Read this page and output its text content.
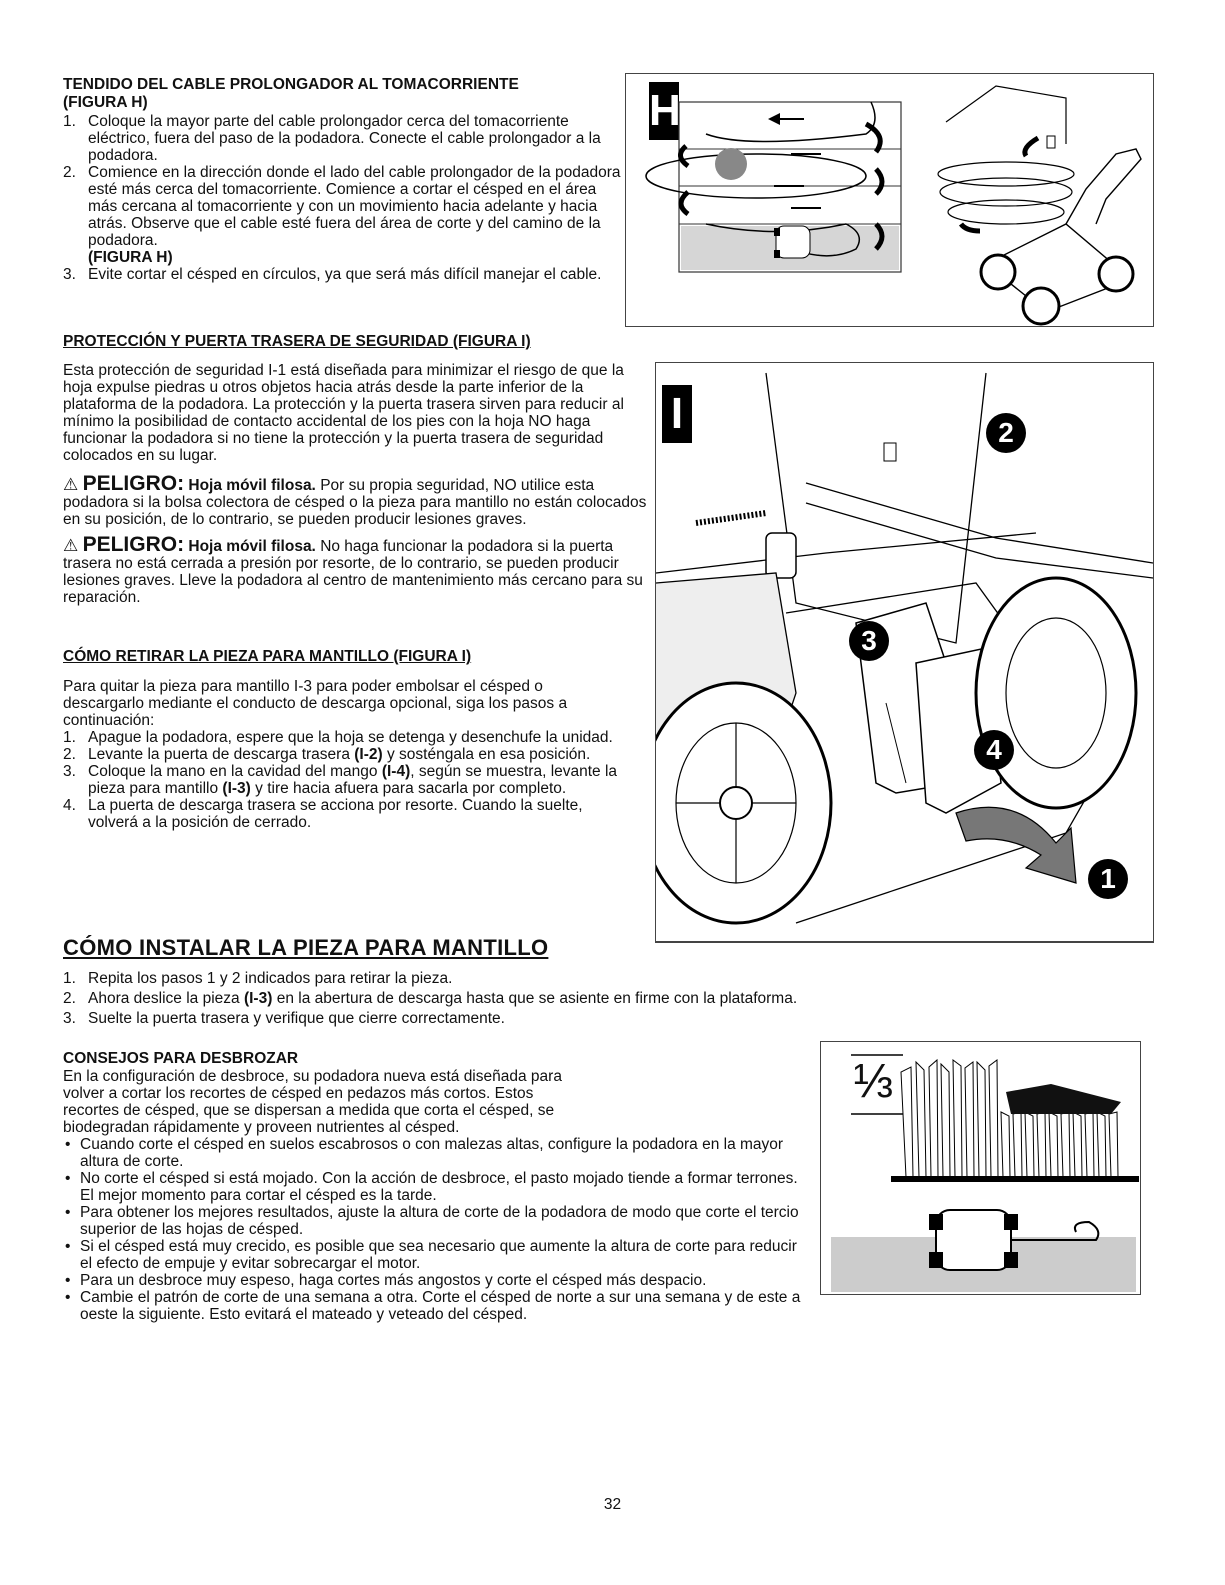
TENDIDO DEL CABLE PROLONGADOR AL TOMACORRIENTE
(FIGURA H)
1. Coloque la mayor parte del cable prolongador cerca del tomacorriente eléctrico, fuera del paso de la podadora. Conecte el cable prolongador a la podadora.
2. Comience en la dirección donde el lado del cable prolongador de la podadora esté más cerca del tomacorriente. Comience a cortar el césped en el área más cercana al tomacorriente y con un movimiento hacia adelante y hacia atrás. Observe que el cable esté fuera del área de corte y del camino de la podadora.
(FIGURA H)
3. Evite cortar el césped en círculos, ya que será más difícil manejar el cable.
H
PROTECCIÓN Y PUERTA TRASERA DE SEGURIDAD (FIGURA I)

Esta protección de seguridad I-1 está diseñada para minimizar el riesgo de que la hoja expulse piedras u otros objetos hacia atrás desde la parte inferior de la plataforma de la podadora. La protección y la puerta trasera sirven para reducir al mínimo la posibilidad de contacto accidental de los pies con la hoja NO haga funcionar la podadora si no tiene la protección y la puerta trasera de seguridad colocados en su lugar.

⚠ PELIGRO: Hoja móvil filosa. Por su propia seguridad, NO utilice esta podadora si la bolsa colectora de césped o la pieza para mantillo no están colocados en su posición, de lo contrario, se pueden producir lesiones graves.

⚠ PELIGRO: Hoja móvil filosa. No haga funcionar la podadora si la puerta trasera no está cerrada a presión por resorte, de lo contrario, se pueden producir lesiones graves. Lleve la podadora al centro de mantenimiento más cercano para su reparación.

CÓMO RETIRAR LA PIEZA PARA MANTILLO (FIGURA I)

Para quitar la pieza para mantillo I-3 para poder embolsar el césped o descargarlo mediante el conducto de descarga opcional, siga los pasos a continuación:

1. Apague la podadora, espere que la hoja se detenga y desenchufe la unidad.
2. Levante la puerta de descarga trasera (I-2) y sosténgala en esa posición.
3. Coloque la mano en la cavidad del mango (I-4), según se muestra, levante la pieza para mantillo (I-3) y tire hacia afuera para sacarla por completo.
4. La puerta de descarga trasera se acciona por resorte. Cuando la suelte, volverá a la posición de cerrado.
I	2
3
4
1
CÓMO INSTALAR LA PIEZA PARA MANTILLO
1. Repita los pasos 1 y 2 indicados para retirar la pieza.
2. Ahora deslice la pieza (I-3) en la abertura de descarga hasta que se asiente en firme con la plataforma.
3. Suelte la puerta trasera y verifique que cierre correctamente.
CONSEJOS PARA DESBROZAR

En la configuración de desbroce, su podadora nueva está diseñada para volver a cortar los recortes de césped en pedazos más cortos. Estos recortes de césped, que se dispersan a medida que corta el césped, se biodegradan rápidamente y proveen nutrientes al césped.

• Cuando corte el césped en suelos escabrosos o con malezas altas, configure la podadora en la mayor altura de corte.
• No corte el césped si está mojado. Con la acción de desbroce, el pasto mojado tiende a formar terrones. El mejor momento para cortar el césped es la tarde.
• Para obtener los mejores resultados, ajuste la altura de corte de la podadora de modo que corte el tercio superior de las hojas de césped.
• Si el césped está muy crecido, es posible que sea necesario que aumente la altura de corte para reducir el efecto de empuje y evitar sobrecargar el motor.
• Para un desbroce muy espeso, haga cortes más angostos y corte el césped más despacio.
• Cambie el patrón de corte de una semana a otra. Corte el césped de norte a sur una semana y de este a oeste la siguiente. Esto evitará el mateado y veteado del césped.
⅓
32
